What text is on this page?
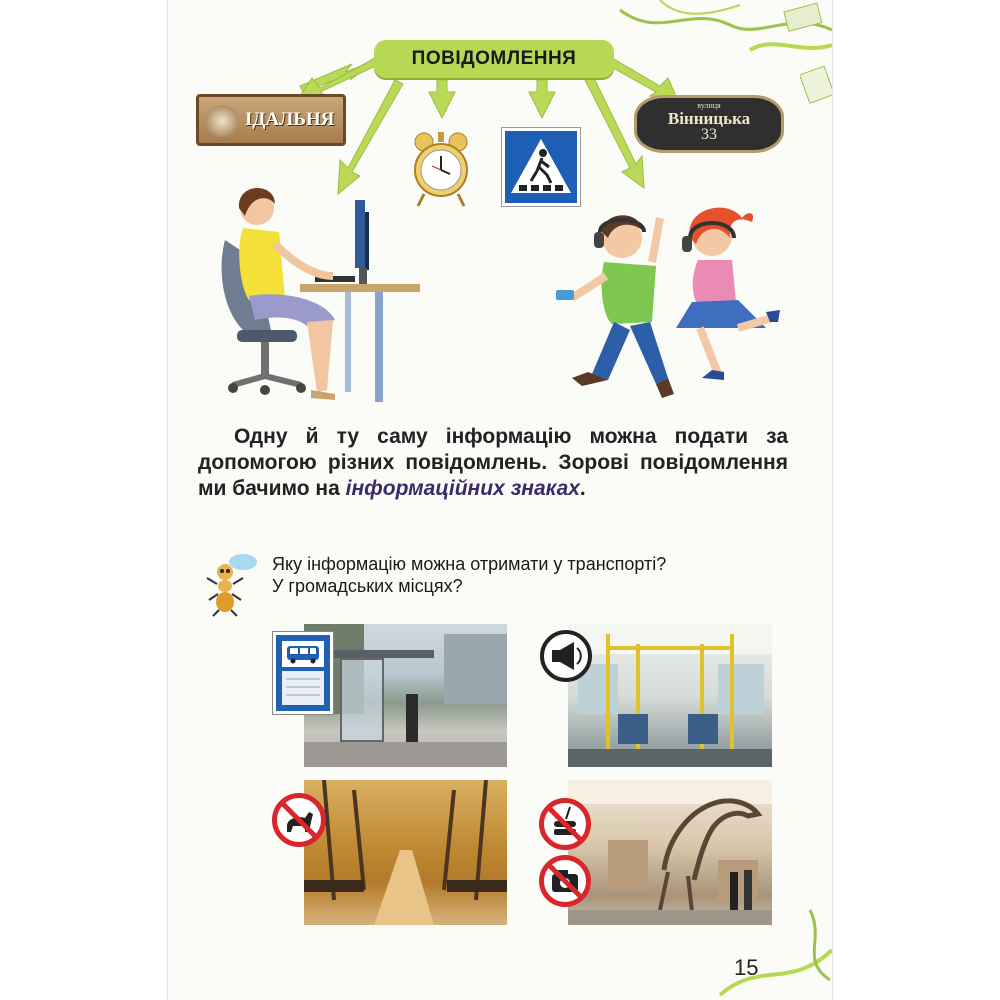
ПОВІДОМЛЕННЯ
ІДАЛЬНЯ
вулиця
Вінницька
33
Одну й ту саму інформацію можна подати за допомогою різних повідомлень. Зорові повідомлення ми бачимо на інформаційних знаках.
Яку інформацію можна отримати у транспорті?
У громадських місцях?
15
